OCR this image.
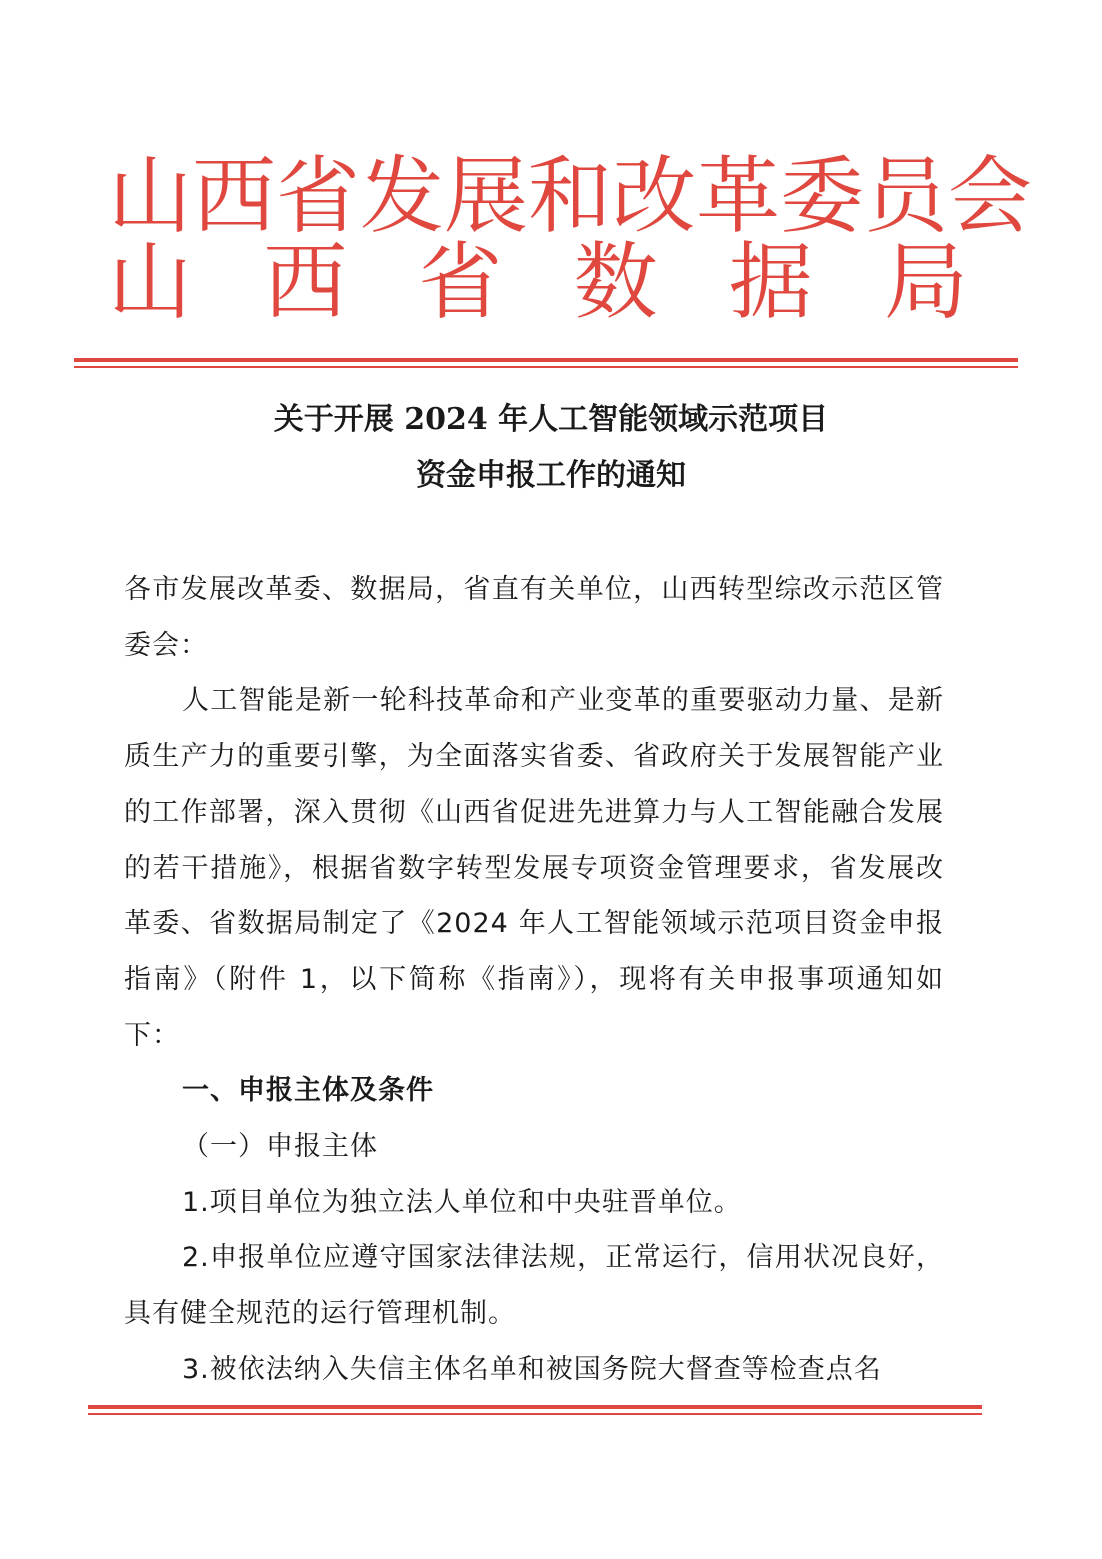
山 西 省 发 展 和 改 革 委 员 会
山 西 省 数 据 局
关于开展 2024 年人工智能领域示范项目
资金申报工作的通知

各市发展改革委、数据局，省直有关单位，山西转型综改示范区管委会：

人工智能是新一轮科技革命和产业变革的重要驱动力量、是新质生产力的重要引擎，为全面落实省委、省政府关于发展智能产业的工作部署，深入贯彻《山西省促进先进算力与人工智能融合发展的若干措施》，根据省数字转型发展专项资金管理要求，省发展改革委、省数据局制定了《2024 年人工智能领域示范项目资金申报指南》（附件 1，以下简称《指南》），现将有关申报事项通知如下：

一、申报主体及条件

（一）申报主体

1.项目单位为独立法人单位和中央驻晋单位。

2.申报单位应遵守国家法律法规，正常运行，信用状况良好，具有健全规范的运行管理机制。

3.被依法纳入失信主体名单和被国务院大督查等检查点名
